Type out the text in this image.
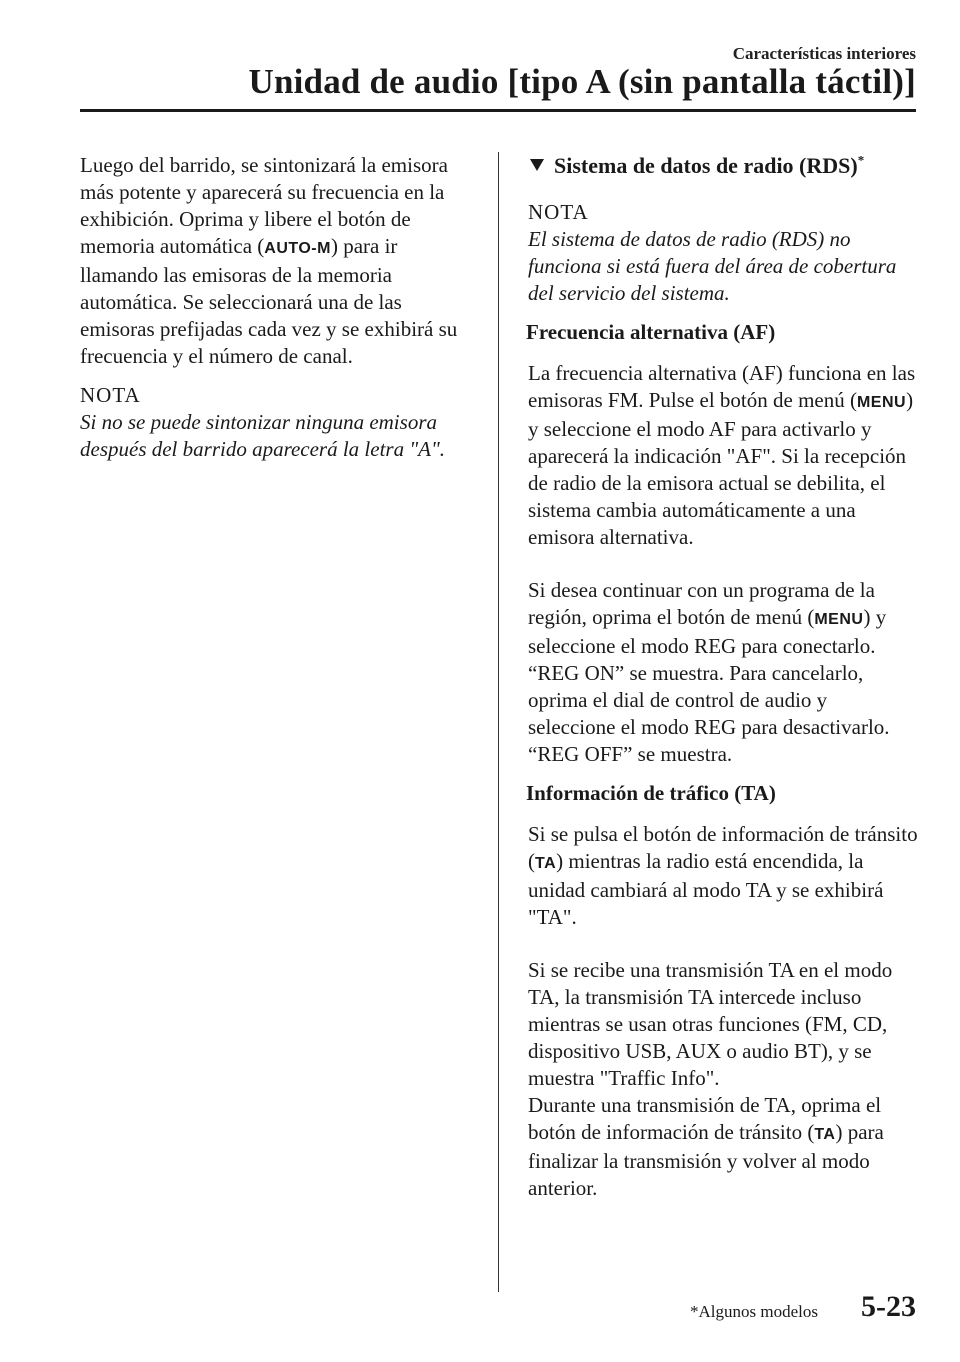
Características interiores
Unidad de audio [tipo A (sin pantalla táctil)]

Luego del barrido, se sintonizará la emisora más potente y aparecerá su frecuencia en la exhibición. Oprima y libere el botón de memoria automática (AUTO-M) para ir llamando las emisoras de la memoria automática. Se seleccionará una de las emisoras prefijadas cada vez y se exhibirá su frecuencia y el número de canal.

NOTA
Si no se puede sintonizar ninguna emisora después del barrido aparecerá la letra "A".
Sistema de datos de radio (RDS)*
NOTA
El sistema de datos de radio (RDS) no funciona si está fuera del área de cobertura del servicio del sistema.
Frecuencia alternativa (AF)

La frecuencia alternativa (AF) funciona en las emisoras FM. Pulse el botón de menú (MENU) y seleccione el modo AF para activarlo y aparecerá la indicación "AF". Si la recepción de radio de la emisora actual se debilita, el sistema cambia automáticamente a una emisora alternativa.

Si desea continuar con un programa de la región, oprima el botón de menú (MENU) y seleccione el modo REG para conectarlo. “REG ON” se muestra. Para cancelarlo, oprima el dial de control de audio y seleccione el modo REG para desactivarlo. “REG OFF” se muestra.

Información de tráfico (TA)

Si se pulsa el botón de información de tránsito (TA) mientras la radio está encendida, la unidad cambiará al modo TA y se exhibirá "TA".

Si se recibe una transmisión TA en el modo TA, la transmisión TA intercede incluso mientras se usan otras funciones (FM, CD, dispositivo USB, AUX o audio BT), y se muestra "Traffic Info".

Durante una transmisión de TA, oprima el botón de información de tránsito (TA) para finalizar la transmisión y volver al modo anterior.

*Algunos modelos 5-23
